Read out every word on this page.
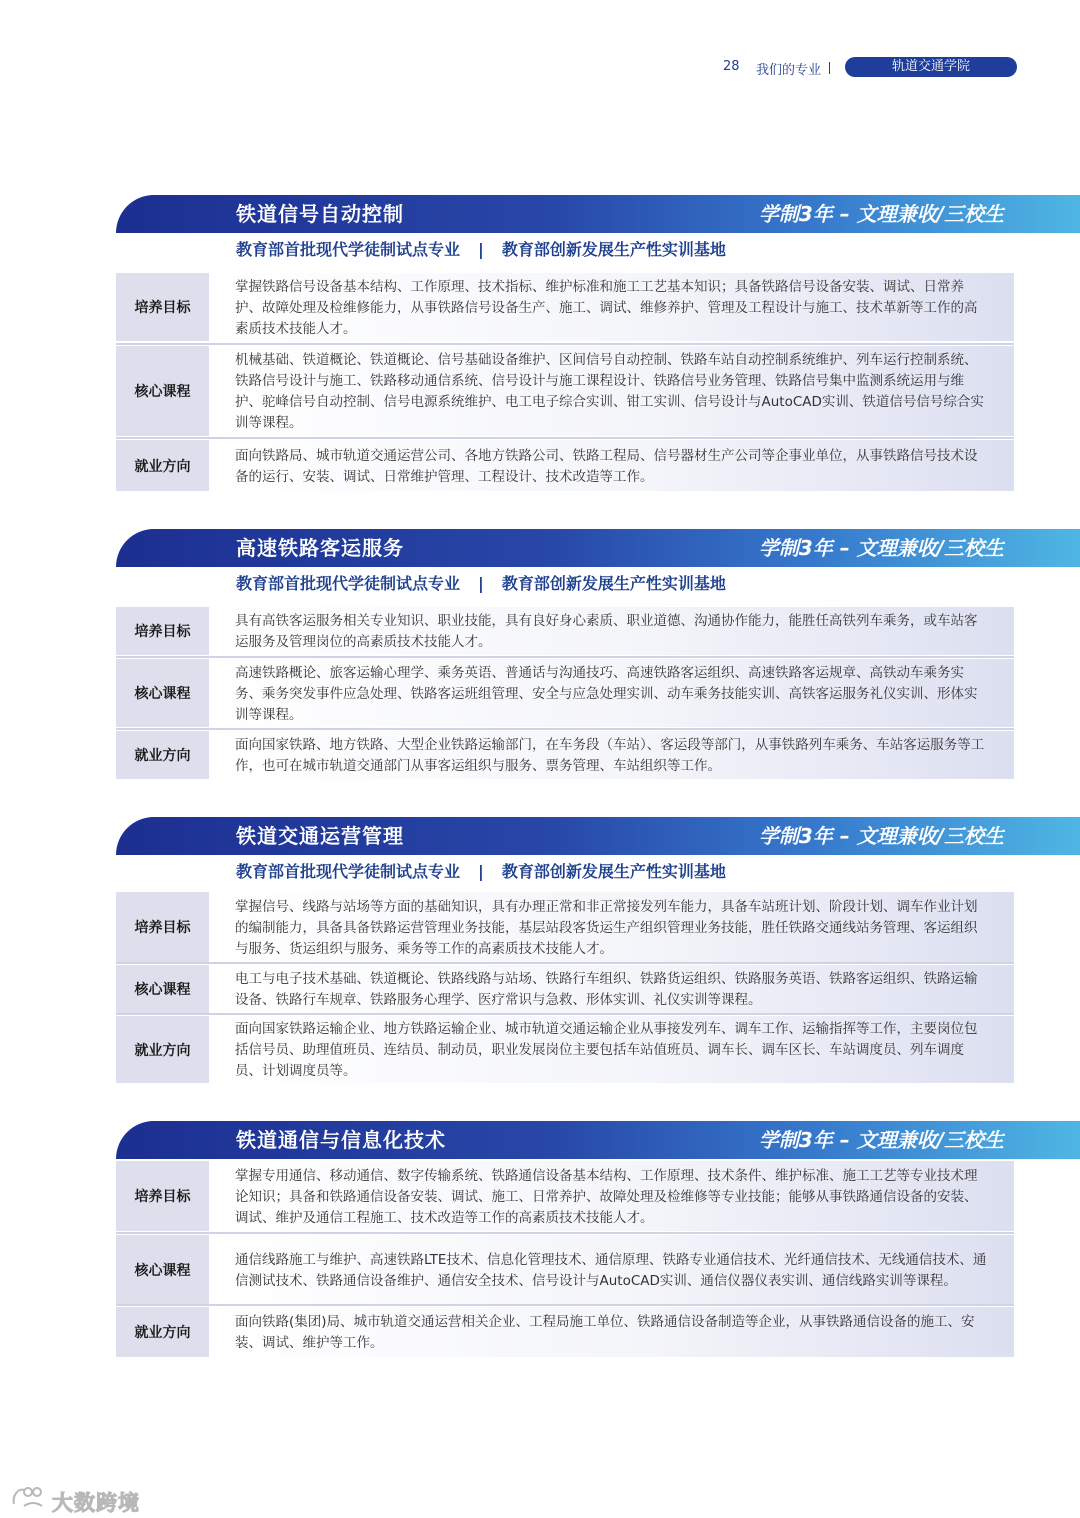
28 我们的专业	轨道交通学院
铁道信号自动控制	学制3年 – 文理兼收/三校生
教育部首批现代学徒制试点专业 | 教育部创新发展生产性实训基地
培养目标
掌握铁路信号设备基本结构、工作原理、技术指标、维护标准和施工工艺基本知识；具备铁路信号设备安装、调试、日常养护、故障处理及检维修能力，从事铁路信号设备生产、施工、调试、维修养护、管理及工程设计与施工、技术革新等工作的高素质技术技能人才。
核心课程
机械基础、铁道概论、铁道概论、信号基础设备维护、区间信号自动控制、铁路车站自动控制系统维护、列车运行控制系统、铁路信号设计与施工、铁路移动通信系统、信号设计与施工课程设计、铁路信号业务管理、铁路信号集中监测系统运用与维护、驼峰信号自动控制、信号电源系统维护、电工电子综合实训、钳工实训、信号设计与AutoCAD实训、铁道信号信号综合实训等课程。
就业方向
面向铁路局、城市轨道交通运营公司、各地方铁路公司、铁路工程局、信号器材生产公司等企事业单位，从事铁路信号技术设备的运行、安装、调试、日常维护管理、工程设计、技术改造等工作。
高速铁路客运服务	学制3年 – 文理兼收/三校生
教育部首批现代学徒制试点专业 | 教育部创新发展生产性实训基地
培养目标
具有高铁客运服务相关专业知识、职业技能，具有良好身心素质、职业道德、沟通协作能力，能胜任高铁列车乘务，或车站客运服务及管理岗位的高素质技术技能人才。
核心课程
高速铁路概论、旅客运输心理学、乘务英语、普通话与沟通技巧、高速铁路客运组织、高速铁路客运规章、高铁动车乘务实务、乘务突发事件应急处理、铁路客运班组管理、安全与应急处理实训、动车乘务技能实训、高铁客运服务礼仪实训、形体实训等课程。
就业方向
面向国家铁路、地方铁路、大型企业铁路运输部门，在车务段（车站）、客运段等部门，从事铁路列车乘务、车站客运服务等工作，也可在城市轨道交通部门从事客运组织与服务、票务管理、车站组织等工作。
铁道交通运营管理	学制3年 – 文理兼收/三校生
教育部首批现代学徒制试点专业 | 教育部创新发展生产性实训基地
培养目标
掌握信号、线路与站场等方面的基础知识，具有办理正常和非正常接发列车能力，具备车站班计划、阶段计划、调车作业计划的编制能力，具备具备铁路运营管理业务技能，基层站段客货运生产组织管理业务技能，胜任铁路交通线站务管理、客运组织与服务、货运组织与服务、乘务等工作的高素质技术技能人才。
核心课程
电工与电子技术基础、铁道概论、铁路线路与站场、铁路行车组织、铁路货运组织、铁路服务英语、铁路客运组织、铁路运输设备、铁路行车规章、铁路服务心理学、医疗常识与急救、形体实训、礼仪实训等课程。
就业方向
面向国家铁路运输企业、地方铁路运输企业、城市轨道交通运输企业从事接发列车、调车工作、运输指挥等工作，主要岗位包括信号员、助理值班员、连结员、制动员，职业发展岗位主要包括车站值班员、调车长、调车区长、车站调度员、列车调度员、计划调度员等。
铁道通信与信息化技术	学制3年 – 文理兼收/三校生
培养目标
掌握专用通信、移动通信、数字传输系统、铁路通信设备基本结构、工作原理、技术条件、维护标准、施工工艺等专业技术理论知识；具备和铁路通信设备安装、调试、施工、日常养护、故障处理及检维修等专业技能；能够从事铁路通信设备的安装、调试、维护及通信工程施工、技术改造等工作的高素质技术技能人才。
核心课程
通信线路施工与维护、高速铁路LTE技术、信息化管理技术、通信原理、铁路专业通信技术、光纤通信技术、无线通信技术、通信测试技术、铁路通信设备维护、通信安全技术、信号设计与AutoCAD实训、通信仪器仪表实训、通信线路实训等课程。
就业方向
面向铁路(集团)局、城市轨道交通运营相关企业、工程局施工单位、铁路通信设备制造等企业，从事铁路通信设备的施工、安装、调试、维护等工作。
大数跨境
